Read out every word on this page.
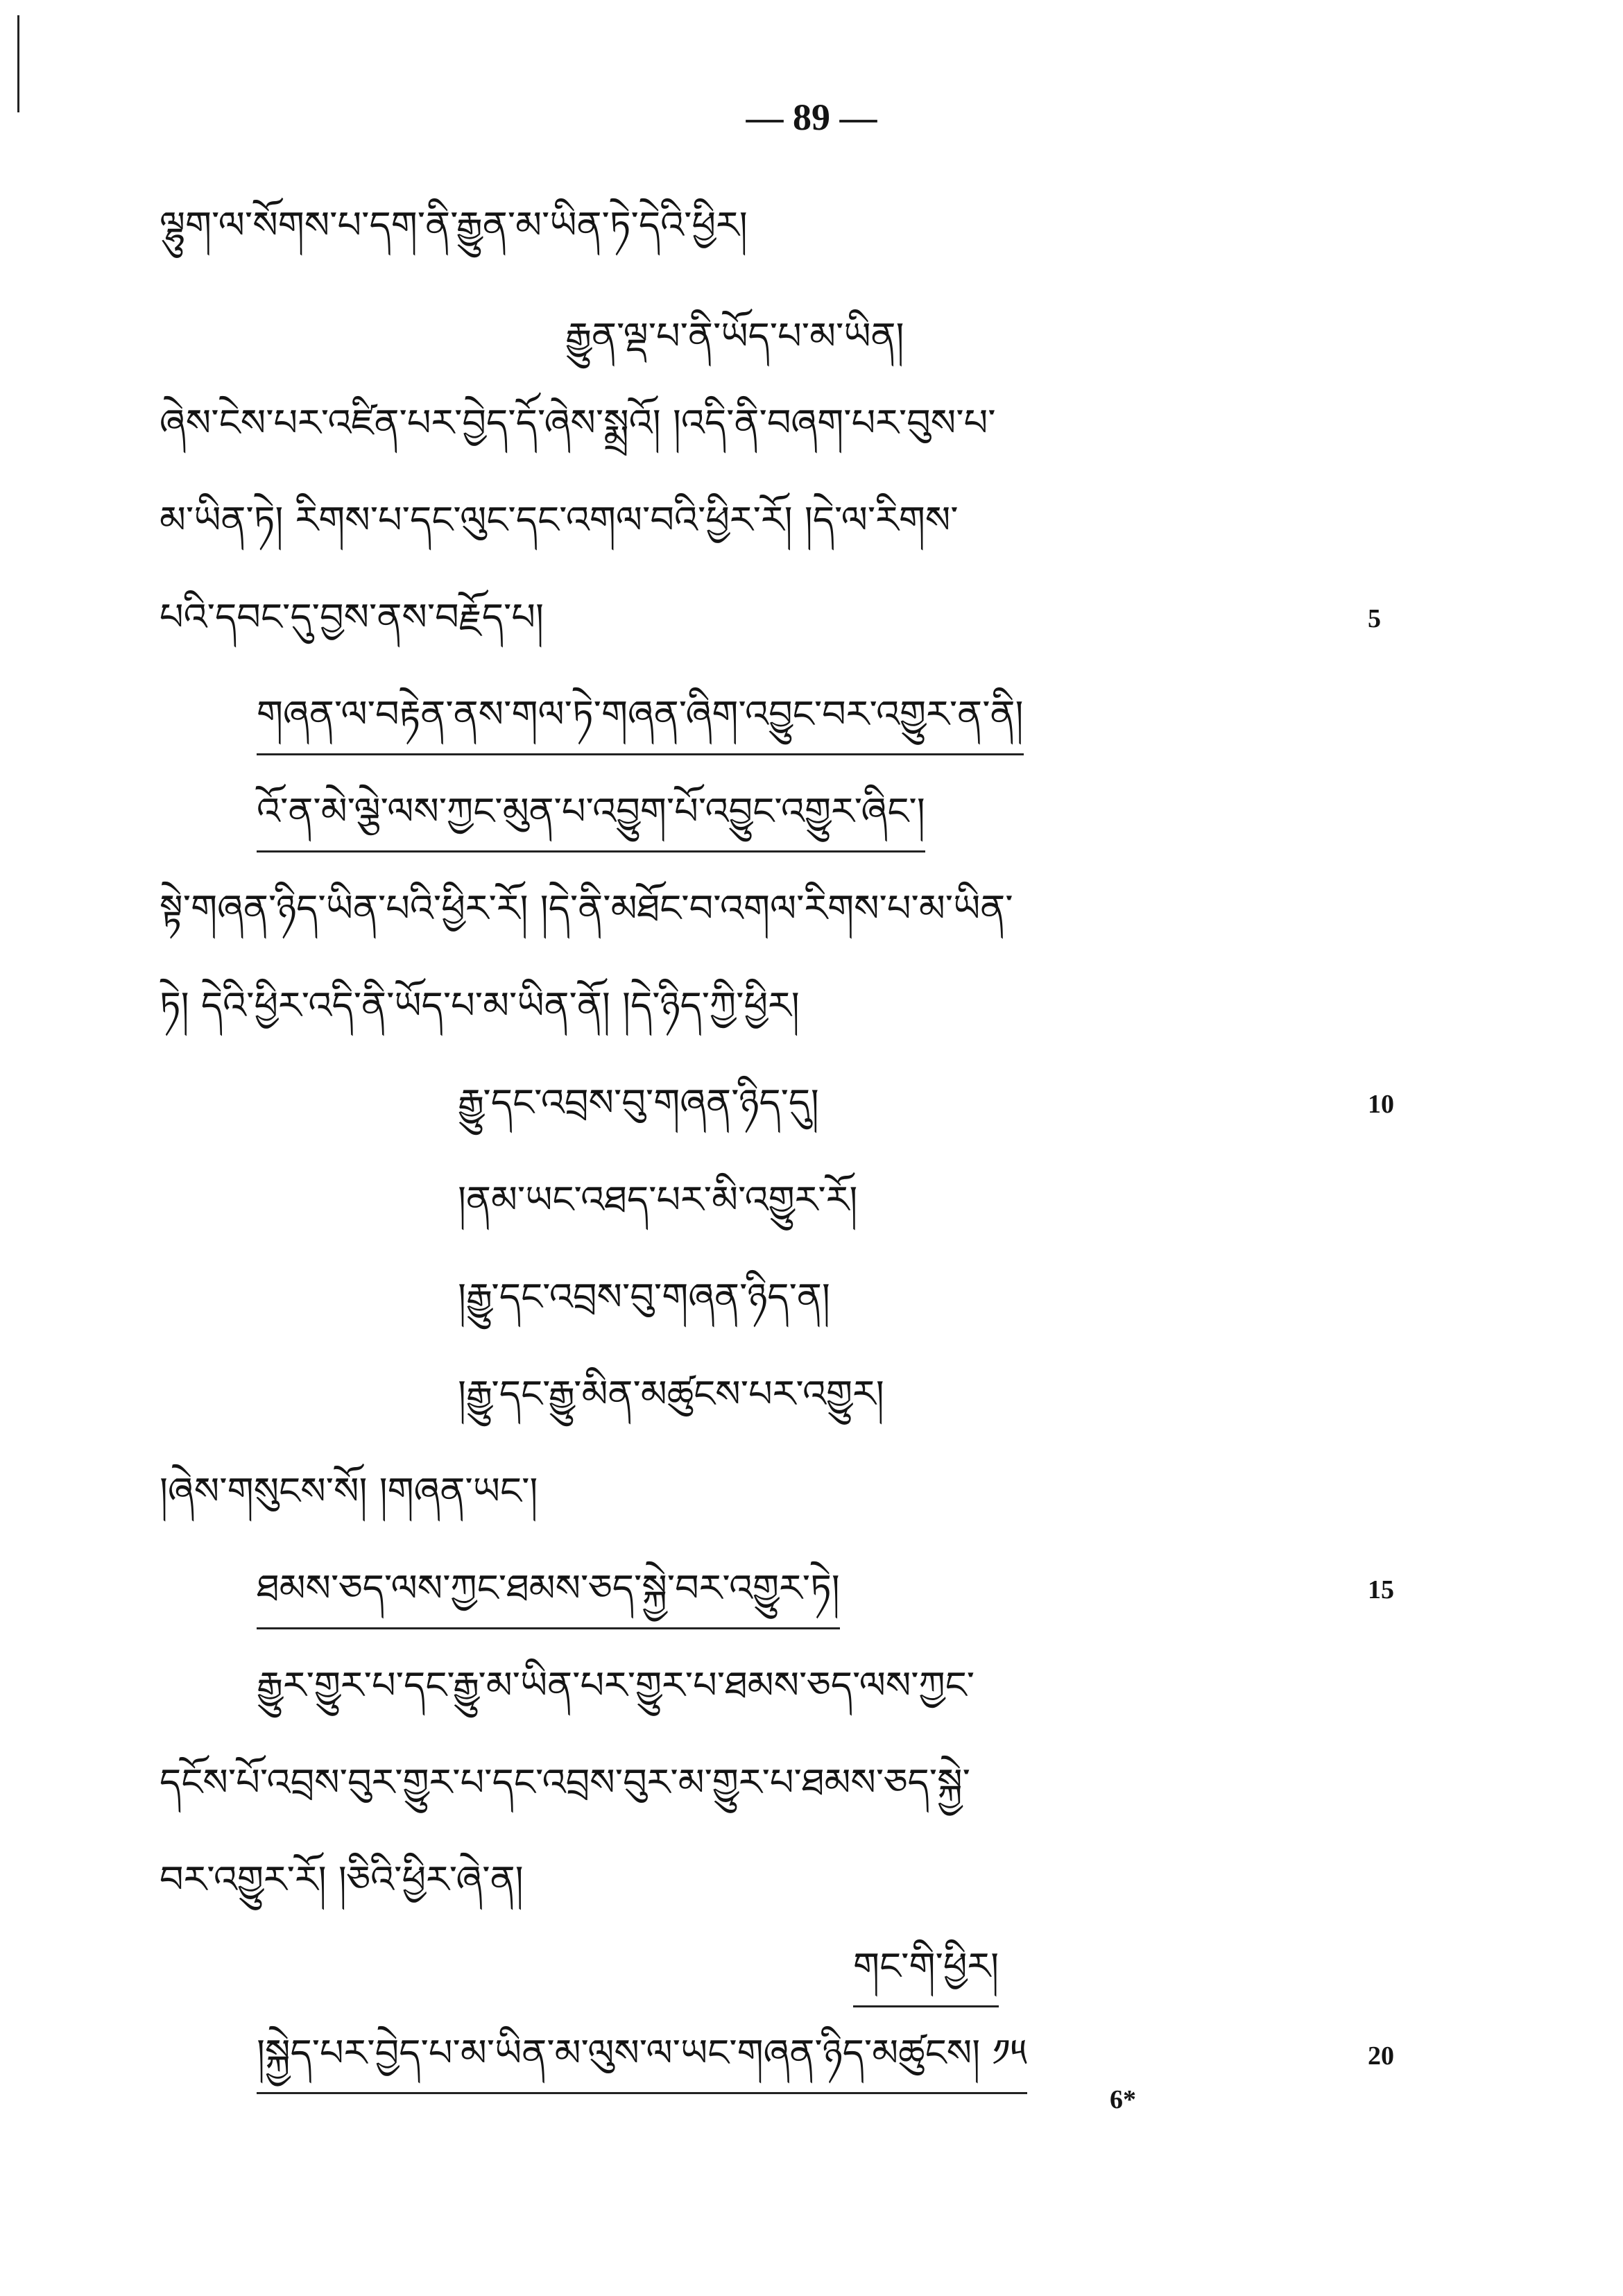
— 89 —
ལྷུག་ལ་སོགས་པ་དག་ནི་རྒྱུན་མ་ཡིན་ཏེ་དེའི་ཕྱིར།
རྒྱུན་ལྡ་པ་ནི་ཡོད་པ་མ་ཡིན།
ཞེས་ངེས་པར་འཛིན་པར་བྱེད་དོ་ཞེས་སྨྲའོ། །འདི་ནི་བཞག་པར་བུས་པ་
མ་ཡིན་ཏེ། རིགས་པ་དང་ལུང་དང་འགལ་བའི་ཕྱིར་རོ། །དེ་ལ་རིགས་
པའི་དབང་དུ་བྱས་ནས་བརྗོད་པ།
གཞན་ལ་བརྟེན་ནས་གལ་ཏེ་གཞན་ཞིག་འབྱུང་བར་འགྱུར་ན་ནི།
འོ་ན་མེ་ལྕེ་ལས་ཀྱང་མུན་པ་འབྱུག་པོ་འབྱུང་འགྱུར་ཞིང་།
སྟེ་གཞན་ཉིད་ཡིན་པའི་ཕྱིར་རོ། །དེ་ནི་མཐོང་བ་འགལ་རིགས་པ་མ་ཡིན་
ཏེ། དེའི་ཕྱིར་འདི་ནི་ཡོད་པ་མ་ཡིན་ནོ། །དེ་ཉིད་ཀྱི་ཕྱིར།
རྒྱུ་དང་འབྲས་བུ་གཞན་ཉིད་དུ།
།ནམ་ཡང་འཐད་པར་མི་འགྱུར་རོ།
།རྒྱུ་དང་འབྲས་བུ་གཞན་ཉིད་ན།
།རྒྱུ་དང་རྒྱུ་མིན་མཚུངས་པར་འགྱུར།
།ཞེས་གསུངས་སོ། །གཞན་ཡང་།
ཐམས་ཅད་ལས་ཀྱང་ཐམས་ཅད་སྐྱེ་བར་འགྱུར་ཏེ།
རྒྱུར་གྱུར་པ་དང་རྒྱུ་མ་ཡིན་པར་གྱུར་པ་ཐམས་ཅད་ལས་ཀྱང་
དངོས་པོ་འབྲས་བུར་གྱུར་པ་དང་འབྲས་བུར་མ་གྱུར་པ་ཐམས་ཅད་སྐྱེ་
བར་འགྱུར་རོ། །ཅིའི་ཕྱིར་ཞེ་ན།
གང་གི་ཕྱིར།
།སྐྱེད་པར་བྱེད་པ་མ་ཡིན་མ་ལུས་ལ་ཡང་གཞན་ཉིད་མཚུངས། ༡༥
5
10
15
20
6*
